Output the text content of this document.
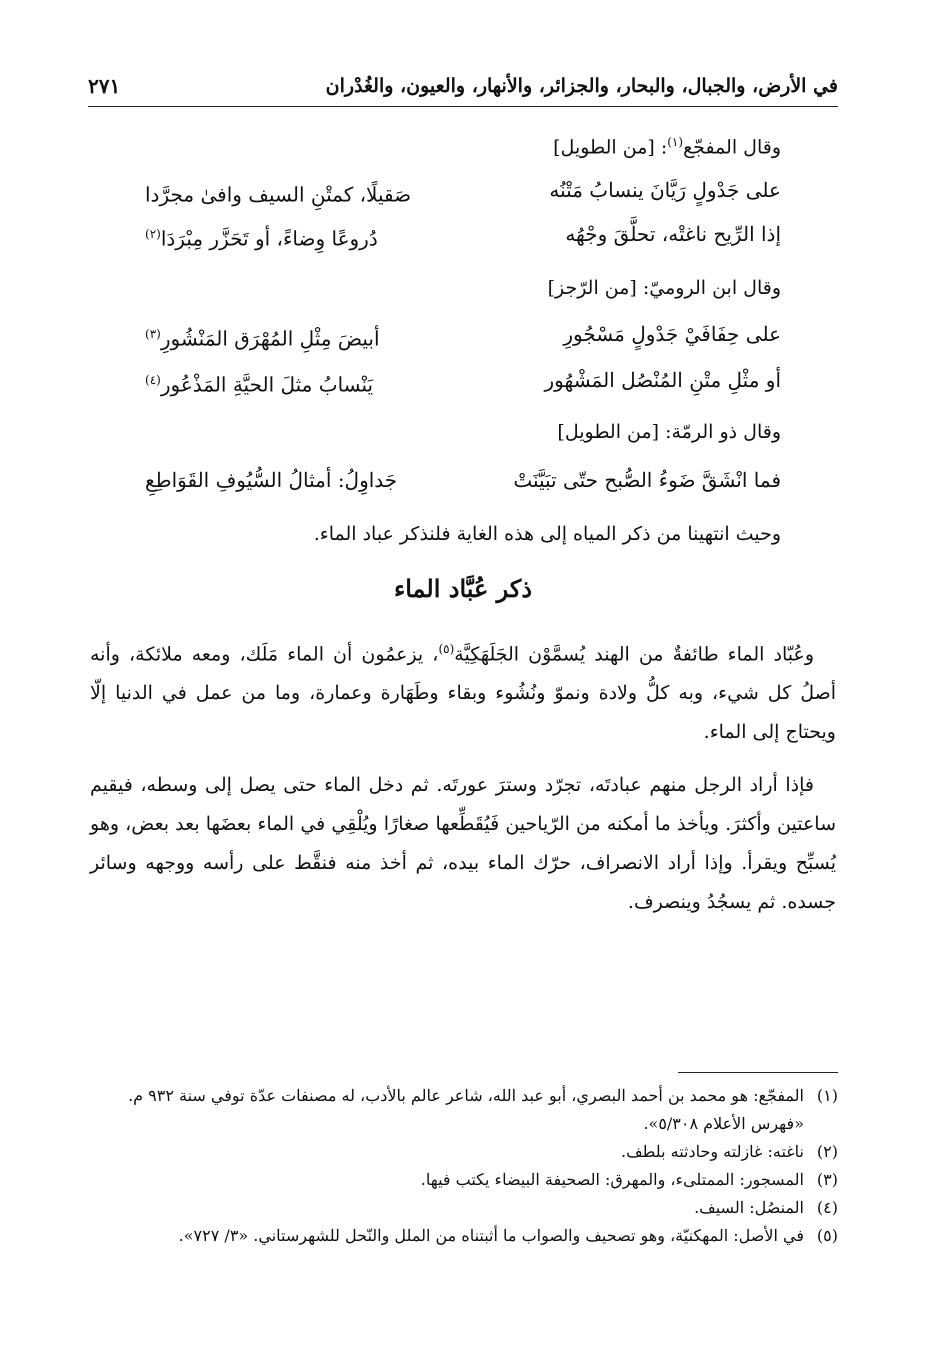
في الأرض، والجبال، والبحار، والجزائر، والأنهار، والعيون، والغُدْران
٢٧١
وقال المفجّع$^{(١)}$: [من الطويل]
على جَدْولٍ رَيَّانَ ينسابُ مَتْنُه
صَقيلًا، كمتْنِ السيف وافىٰ مجرَّدا
إذا الرِّيح ناغتْه، تحلَّقَ وجْهُه
دُروعًا وِضاءً، أو تَحَزَّر مِبْرَدَا$^{(٢)}$
وقال ابن الروميّ: [من الرّجز]
على حِفَافَيْ جَدْولٍ مَسْجُورِ
أبيضَ مِثْلِ المُهْرَق المَنْشُورِ$^{(٣)}$
أو مثْلِ متْنِ المُنْصُل المَشْهُور
يَنْسابُ مثلَ الحيَّةِ المَذْعُور$^{(٤)}$
وقال ذو الرمّة: [من الطويل]
فما انْشَقَّ ضَوءُ الصُّبح حتّى تبَيَّنَتْ
جَداوِلُ: أمثالُ السُّيُوفِ القَوَاطِعِ
وحيث انتهينا من ذكر المياه إلى هذه الغاية فلنذكر عباد الماء.
ذكر عُبَّاد الماء
وعُبّاد الماء طائفةٌ من الهند يُسمَّوْن الجَلَهَكِيَّة$^{(٥)}$، يزعمُون أن الماء مَلَك، ومعه ملائكة، وأنه أصلُ كل شيء، وبه كلُّ ولادة ونموّ ونُشُوء وبقاء وطَهَارة وعمارة، وما من عمل في الدنيا إلّا ويحتاج إلى الماء.
فإذا أراد الرجل منهم عبادتَه، تجرّد وسترَ عورتَه. ثم دخل الماء حتى يصل إلى وسطه، فيقيم ساعتين وأكثرَ. ويأخذ ما أمكنه من الرّياحين فَيُقَطِّعها صغارًا ويُلْقِي في الماء بعضَها بعد بعض، وهو يُسبِّح ويقرأ. وإذا أراد الانصراف، حرّك الماء بيده، ثم أخذ منه فنقَّط على رأسه ووجهه وسائر جسده. ثم يسجُدُ وينصرف.
(١)
المفجّع: هو محمد بن أحمد البصري، أبو عبد الله، شاعر عالم بالأدب، له مصنفات عدّة توفي سنة ٩٣٢ م. «فهرس الأعلام ٥/٣٠٨».
(٢)
ناغته: غازلته وحادثته بلطف.
(٣)
المسجور: الممتلىء، والمهرق: الصحيفة البيضاء يكتب فيها.
(٤)
المنصُل: السيف.
(٥)
في الأصل: المهكنيّة، وهو تصحيف والصواب ما أثبتناه من الملل والنّحل للشهرستاني. «٣/ ٧٢٧».
